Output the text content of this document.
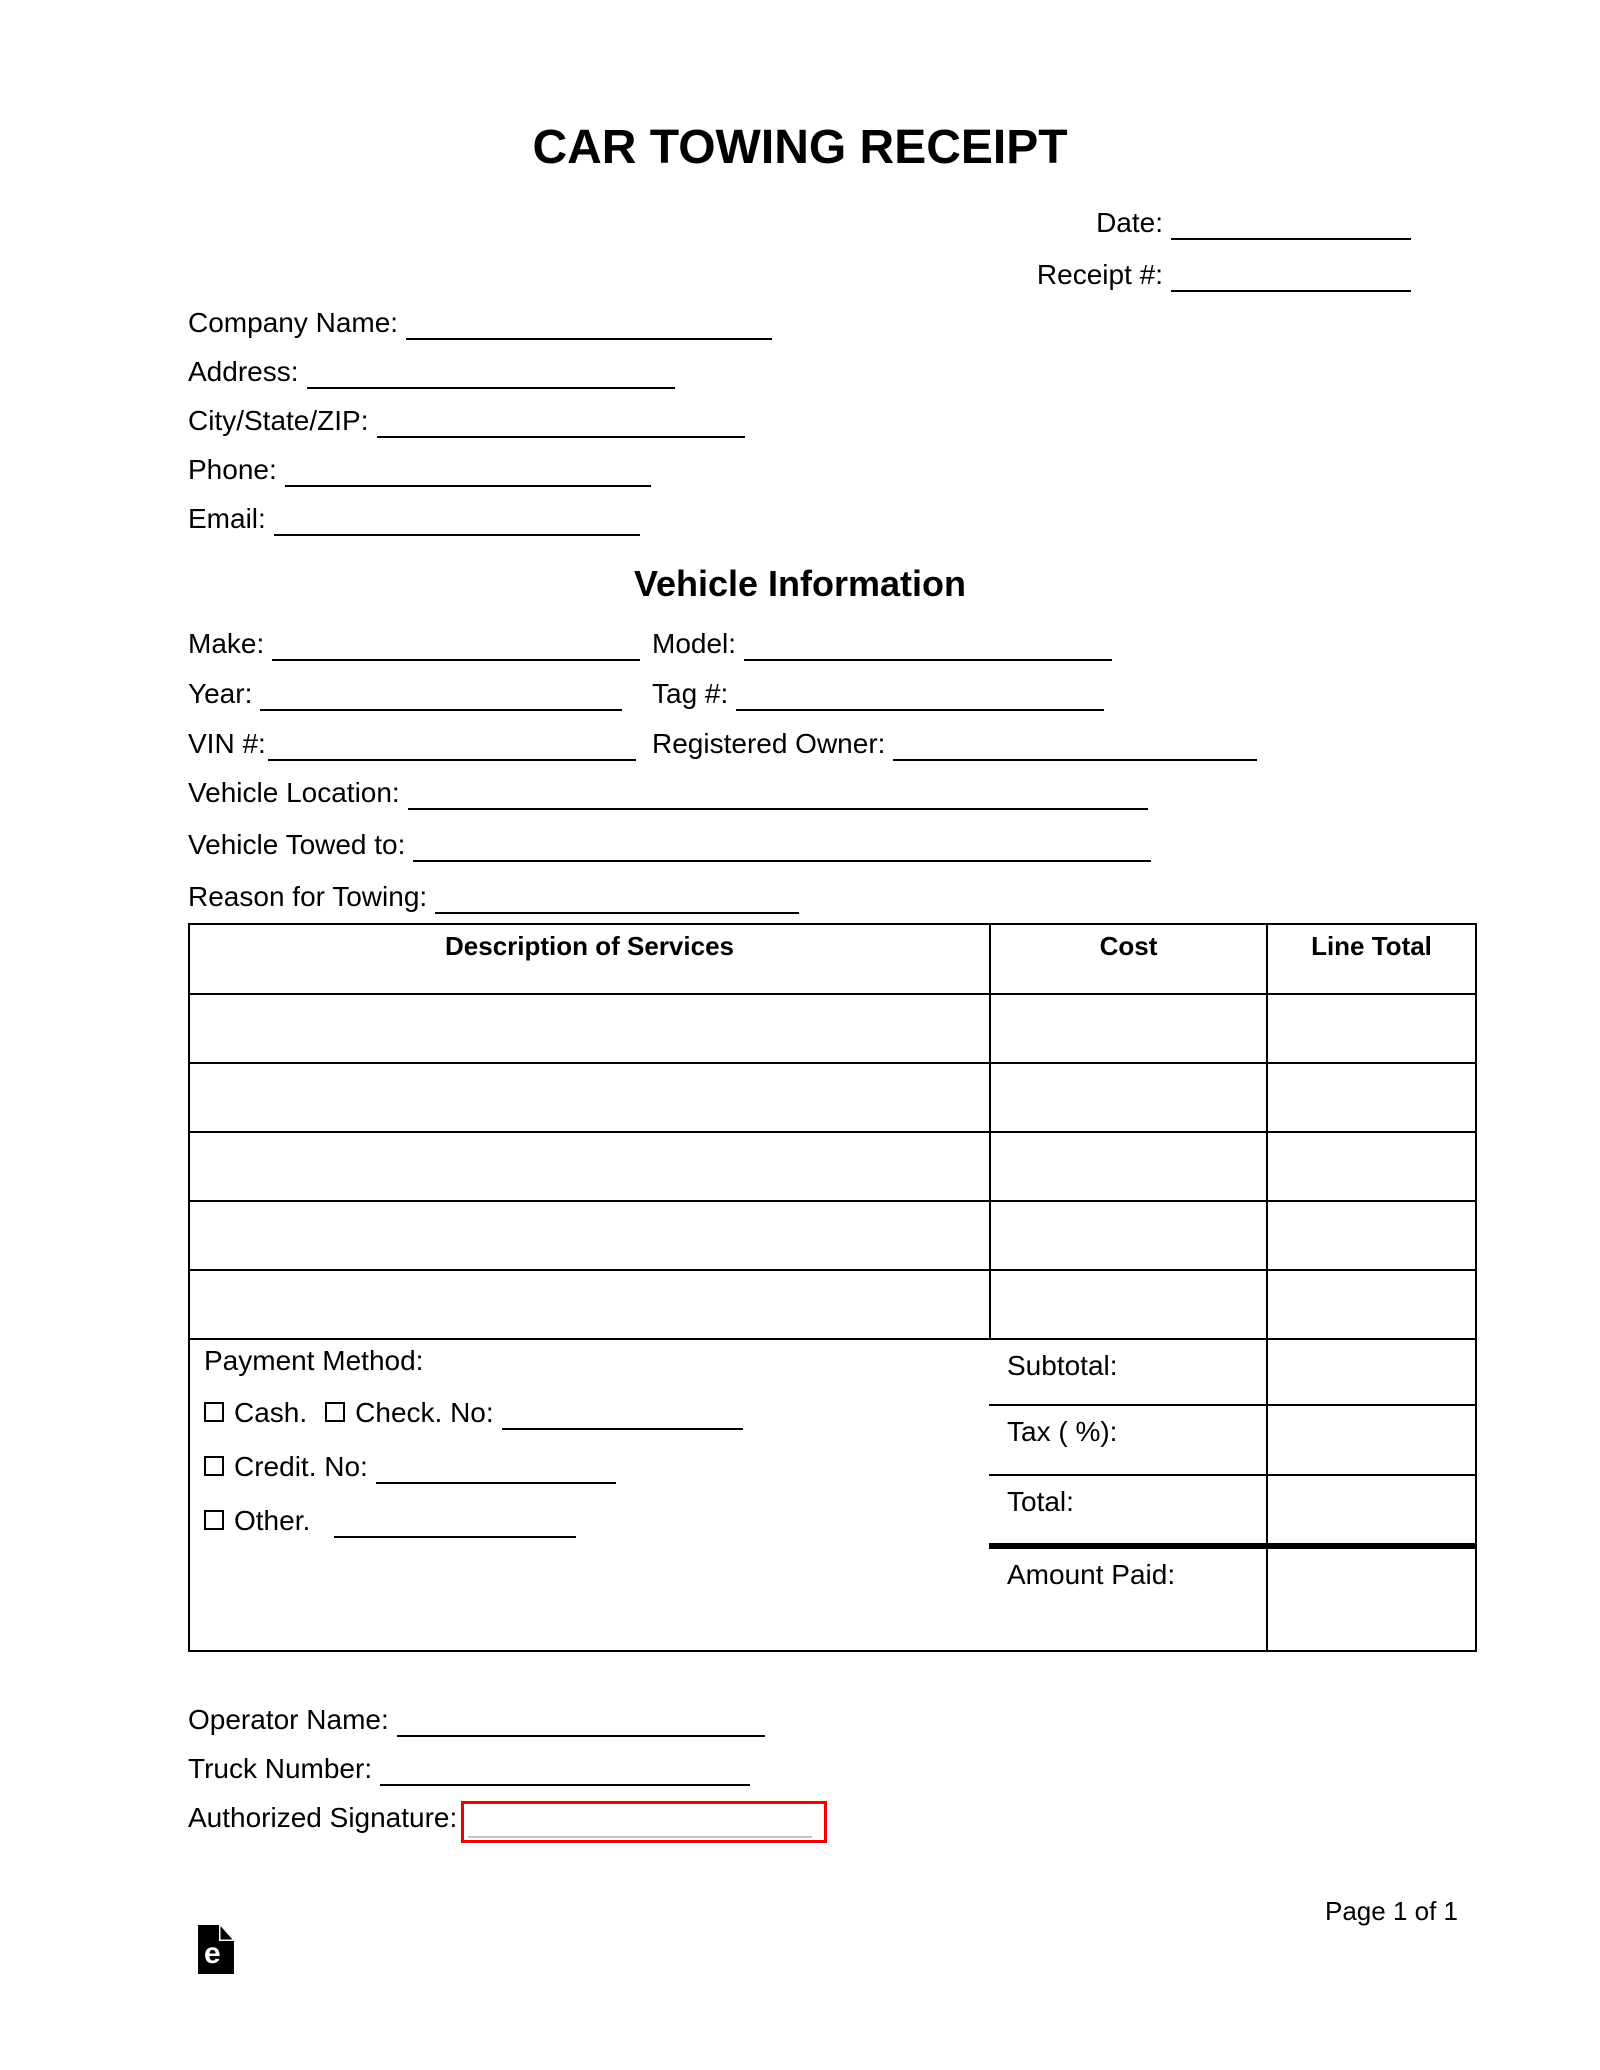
CAR TOWING RECEIPT
Date:
Receipt #:
Company Name:
Address:
City/State/ZIP:
Phone:
Email:
Vehicle Information
Make:	Model:
Year:	Tag #:
VIN #:	Registered Owner:
Vehicle Location:
Vehicle Towed to:
Reason for Towing:
Description of Services	Cost	Line Total
Payment Method:
Cash. Check. No:
Credit. No:
Other.
Subtotal:
Tax ( %):
Total:
Amount Paid:
Operator Name:
Truck Number:
Authorized Signature:
e
Page 1 of 1
